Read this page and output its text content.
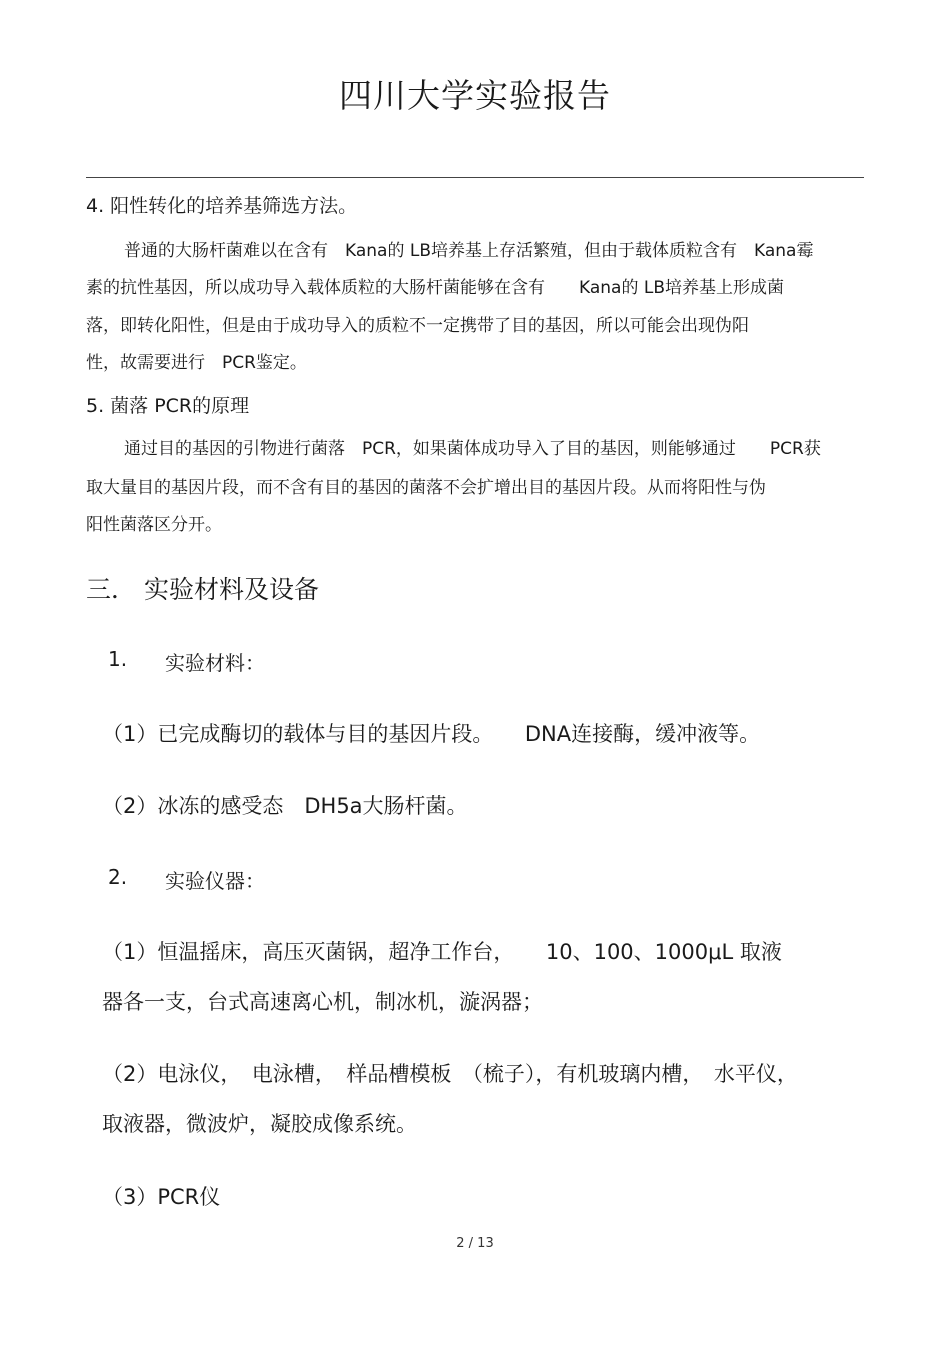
四川大学实验报告
4. 阳性转化的培养基筛选方法。
普通的大肠杆菌难以在含有　Kana的 LB培养基上存活繁殖，但由于载体质粒含有　Kana霉
素的抗性基因，所以成功导入载体质粒的大肠杆菌能够在含有　　Kana的 LB培养基上形成菌
落，即转化阳性，但是由于成功导入的质粒不一定携带了目的基因，所以可能会出现伪阳
性，故需要进行　PCR鉴定。
5. 菌落 PCR的原理
通过目的基因的引物进行菌落　PCR，如果菌体成功导入了目的基因，则能够通过　　PCR获
取大量目的基因片段，而不含有目的基因的菌落不会扩增出目的基因片段。从而将阳性与伪
阳性菌落区分开。
三． 实验材料及设备
1. 实验材料：
（1）已完成酶切的载体与目的基因片段。　　DNA连接酶，缓冲液等。
（2）冰冻的感受态　DH5a大肠杆菌。
2. 实验仪器：
（1）恒温摇床，高压灭菌锅，超净工作台，　　10、100、1000μL 取液
器各一支，台式高速离心机，制冰机，漩涡器；
（2）电泳仪，　电泳槽，　样品槽模板　（梳子），有机玻璃内槽，　水平仪，
取液器，微波炉，凝胶成像系统。
（3）PCR仪
2 / 13
